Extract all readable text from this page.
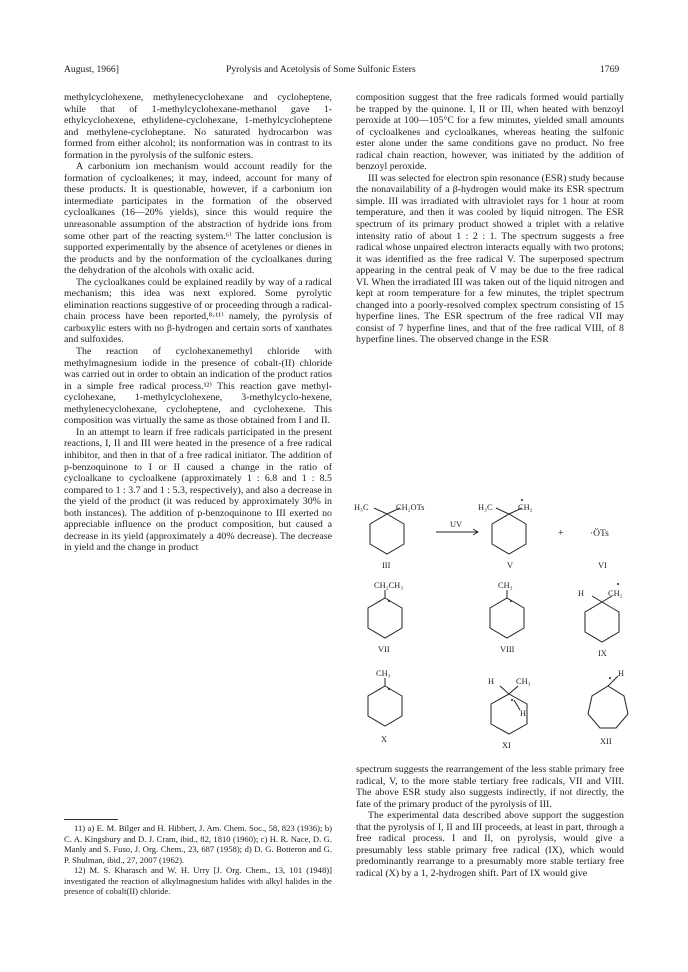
August, 1966]	Pyrolysis and Acetolysis of Some Sulfonic Esters	1769

methylcyclohexene, methylenecyclohexane and cycloheptene, while that of 1-methylcyclohexane-methanol gave 1-ethylcyclohexene, ethylidene-cyclohexane, 1-methylcycloheptene and methylene-cycloheptane. No saturated hydrocarbon was formed from either alcohol; its nonformation was in contrast to its formation in the pyrolysis of the sulfonic esters.

A carbonium ion mechanism would account readily for the formation of cycloalkenes; it may, indeed, account for many of these products. It is questionable, however, if a carbonium ion intermediate participates in the formation of the observed cycloalkanes (16—20% yields), since this would require the unreasonable assumption of the abstraction of hydride ions from some other part of the reacting system.⁶⁾ The latter conclusion is supported experimentally by the absence of acetylenes or dienes in the products and by the nonformation of the cycloalkanes during the dehydration of the alcohols with oxalic acid.

The cycloalkanes could be explained readily by way of a radical mechanism; this idea was next explored. Some pyrolytic elimination reactions suggestive of or proceeding through a radical-chain process have been reported,⁸·¹¹⁾ namely, the pyrolysis of carboxylic esters with no β-hydrogen and certain sorts of xanthates and sulfoxides.

The reaction of cyclohexanemethyl chloride with methylmagnesium iodide in the presence of cobalt-(II) chloride was carried out in order to obtain an indication of the product ratios in a simple free radical process.¹²⁾ This reaction gave methyl-cyclohexane, 1-methylcyclohexene, 3-methylcyclo-hexene, methylenecyclohexane, cycloheptene, and cyclohexene. This composition was virtually the same as those obtained from I and II.

In an attempt to learn if free radicals participated in the present reactions, I, II and III were heated in the presence of a free radical inhibitor, and then in that of a free radical initiator. The addition of p-benzoquinone to I or II caused a change in the ratio of cycloalkane to cycloalkene (approximately 1 : 6.8 and 1 : 8.5 compared to 1 : 3.7 and 1 : 5.3, respectively), and also a decrease in the yield of the product (it was reduced by approximately 30% in both instances). The addition of p-benzoquinone to III exerted no appreciable influence on the product composition, but caused a decrease in its yield (approximately a 40% decrease). The decrease in yield and the change in product

11) a) E. M. Bilger and H. Hibbert, J. Am. Chem. Soc., 58, 823 (1936); b) C. A. Kingsbury and D. J. Cram, ibid., 82, 1810 (1960); c) H. R. Nace, D. G. Manly and S. Fuso, J. Org. Chem., 23, 687 (1958); d) D. G. Botteron and G. P. Shulman, ibid., 27, 2007 (1962).

12) M. S. Kharasch and W. H. Urry [J. Org. Chem., 13, 101 (1948)] investigated the reaction of alkylmagnesium halides with alkyl halides in the presence of cobalt(II) chloride.

composition suggest that the free radicals formed would partially be trapped by the quinone. I, II or III, when heated with benzoyl peroxide at 100—105°C for a few minutes, yielded small amounts of cycloalkenes and cycloalkanes, whereas heating the sulfonic ester alone under the same conditions gave no product. No free radical chain reaction, however, was initiated by the addition of benzoyl peroxide.

III was selected for electron spin resonance (ESR) study because the nonavailability of a β-hydrogen would make its ESR spectrum simple. III was irradiated with ultraviolet rays for 1 hour at room temperature, and then it was cooled by liquid nitrogen. The ESR spectrum of its primary product showed a triplet with a relative intensity ratio of about 1 : 2 : 1. The spectrum suggests a free radical whose unpaired electron interacts equally with two protons; it was identified as the free radical V. The superposed spectrum appearing in the central peak of V may be due to the free radical VI. When the irradiated III was taken out of the liquid nitrogen and kept at room temperature for a few minutes, the triplet spectrum changed into a poorly-resolved complex spectrum consisting of 15 hyperfine lines. The ESR spectrum of the free radical VII may consist of 7 hyperfine lines, and that of the free radical VIII, of 8 hyperfine lines. The observed change in the ESR

H₃C	CH₂OTs
UV
H₃C	CH₂
+	·ÖTs
III	V	VI
CH₂CH₃	CH₃
H	CH₂
VII	VIII	IX
CH₃
H	CH₃
H
H
X
XI	XII

spectrum suggests the rearrangement of the less stable primary free radical, V, to the more stable tertiary free radicals, VII and VIII. The above ESR study also suggests indirectly, if not directly, the fate of the primary product of the pyrolysis of III.

The experimental data described above support the suggestion that the pyrolysis of I, II and III proceeds, at least in part, through a free radical process. I and II, on pyrolysis, would give a presumably less stable primary free radical (IX), which would predominantly rearrange to a presumably more stable tertiary free radical (X) by a 1, 2-hydrogen shift. Part of IX would give
